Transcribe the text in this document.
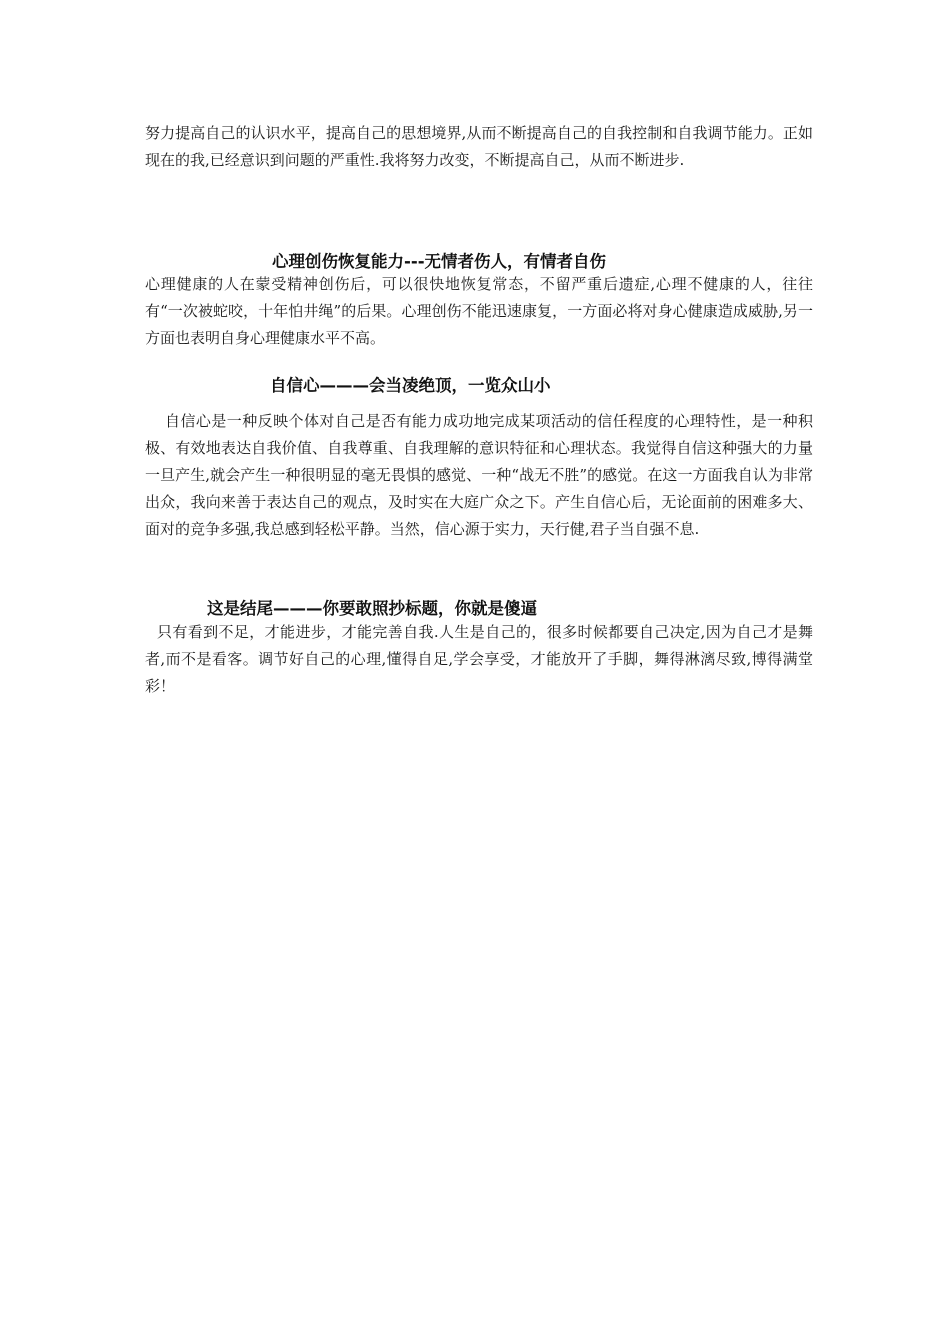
努力提高自己的认识水平，提高自己的思想境界,从而不断提高自己的自我控制和自我调节能力。正如现在的我,已经意识到问题的严重性.我将努力改变，不断提高自己，从而不断进步.

心理创伤恢复能力---无情者伤人，有情者自伤

心理健康的人在蒙受精神创伤后，可以很快地恢复常态，不留严重后遗症,心理不健康的人，往往有“一次被蛇咬，十年怕井绳”的后果。心理创伤不能迅速康复，一方面必将对身心健康造成威胁,另一方面也表明自身心理健康水平不高。

自信心———会当凌绝顶，一览众山小

自信心是一种反映个体对自己是否有能力成功地完成某项活动的信任程度的心理特性，是一种积极、有效地表达自我价值、自我尊重、自我理解的意识特征和心理状态。我觉得自信这种强大的力量一旦产生,就会产生一种很明显的毫无畏惧的感觉、一种“战无不胜”的感觉。在这一方面我自认为非常出众，我向来善于表达自己的观点，及时实在大庭广众之下。产生自信心后，无论面前的困难多大、面对的竞争多强,我总感到轻松平静。当然，信心源于实力，天行健,君子当自强不息.

这是结尾———你要敢照抄标题，你就是傻逼

只有看到不足，才能进步，才能完善自我.人生是自己的，很多时候都要自己决定,因为自己才是舞者,而不是看客。调节好自己的心理,懂得自足,学会享受，才能放开了手脚，舞得淋漓尽致,博得满堂彩！
